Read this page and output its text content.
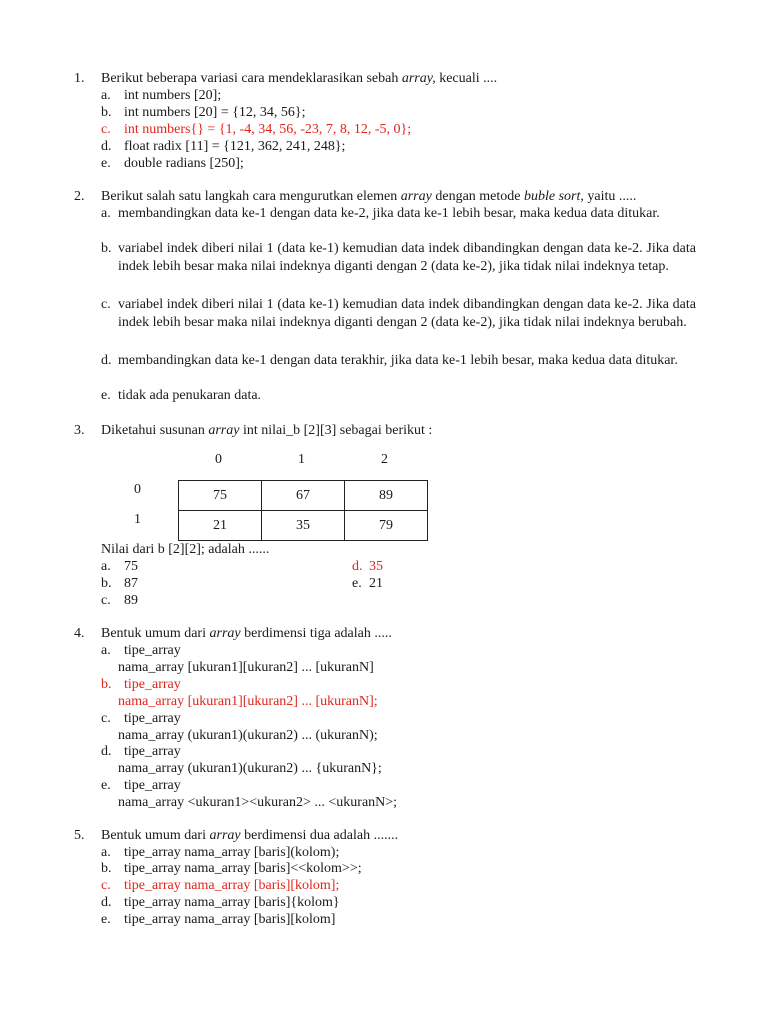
1. Berikut beberapa variasi cara mendeklarasikan sebah array, kecuali ....
a. int numbers [20];
b. int numbers [20] = {12, 34, 56};
c. int numbers{} = {1, -4, 34, 56, -23, 7, 8, 12, -5, 0};
d. float radix [11] = {121, 362, 241, 248};
e. double radians [250];
2. Berikut salah satu langkah cara mengurutkan elemen array dengan metode buble sort, yaitu .....
a. membandingkan data ke-1 dengan data ke-2, jika data ke-1 lebih besar, maka kedua data ditukar.
b. variabel indek diberi nilai 1 (data ke-1) kemudian data indek dibandingkan dengan data ke-2. Jika data indek lebih besar maka nilai indeknya diganti dengan 2 (data ke-2), jika tidak nilai indeknya tetap.
c. variabel indek diberi nilai 1 (data ke-1) kemudian data indek dibandingkan dengan data ke-2. Jika data indek lebih besar maka nilai indeknya diganti dengan 2 (data ke-2), jika tidak nilai indeknya berubah.
d. membandingkan data ke-1 dengan data terakhir, jika data ke-1 lebih besar, maka kedua data ditukar.
e. tidak ada penukaran data.
3. Diketahui susunan array int nilai_b [2][3] sebagai berikut :
0	1	2
0
1
75	67	89
21	35	79
Nilai dari b [2][2]; adalah ......
a. 75
b. 87
c. 89
d. 35
e. 21
4. Bentuk umum dari array berdimensi tiga adalah .....
a. tipe_array
nama_array [ukuran1][ukuran2] ... [ukuranN]
b. tipe_array
nama_array [ukuran1][ukuran2] ... [ukuranN];
c. tipe_array
nama_array (ukuran1)(ukuran2) ... (ukuranN);
d. tipe_array
nama_array (ukuran1)(ukuran2) ... {ukuranN};
e. tipe_array
nama_array <ukuran1><ukuran2> ... <ukuranN>;
5. Bentuk umum dari array berdimensi dua adalah .......
a. tipe_array nama_array [baris](kolom);
b. tipe_array nama_array [baris]<<kolom>>;
c. tipe_array nama_array [baris][kolom];
d. tipe_array nama_array [baris]{kolom}
e. tipe_array nama_array [baris][kolom]
